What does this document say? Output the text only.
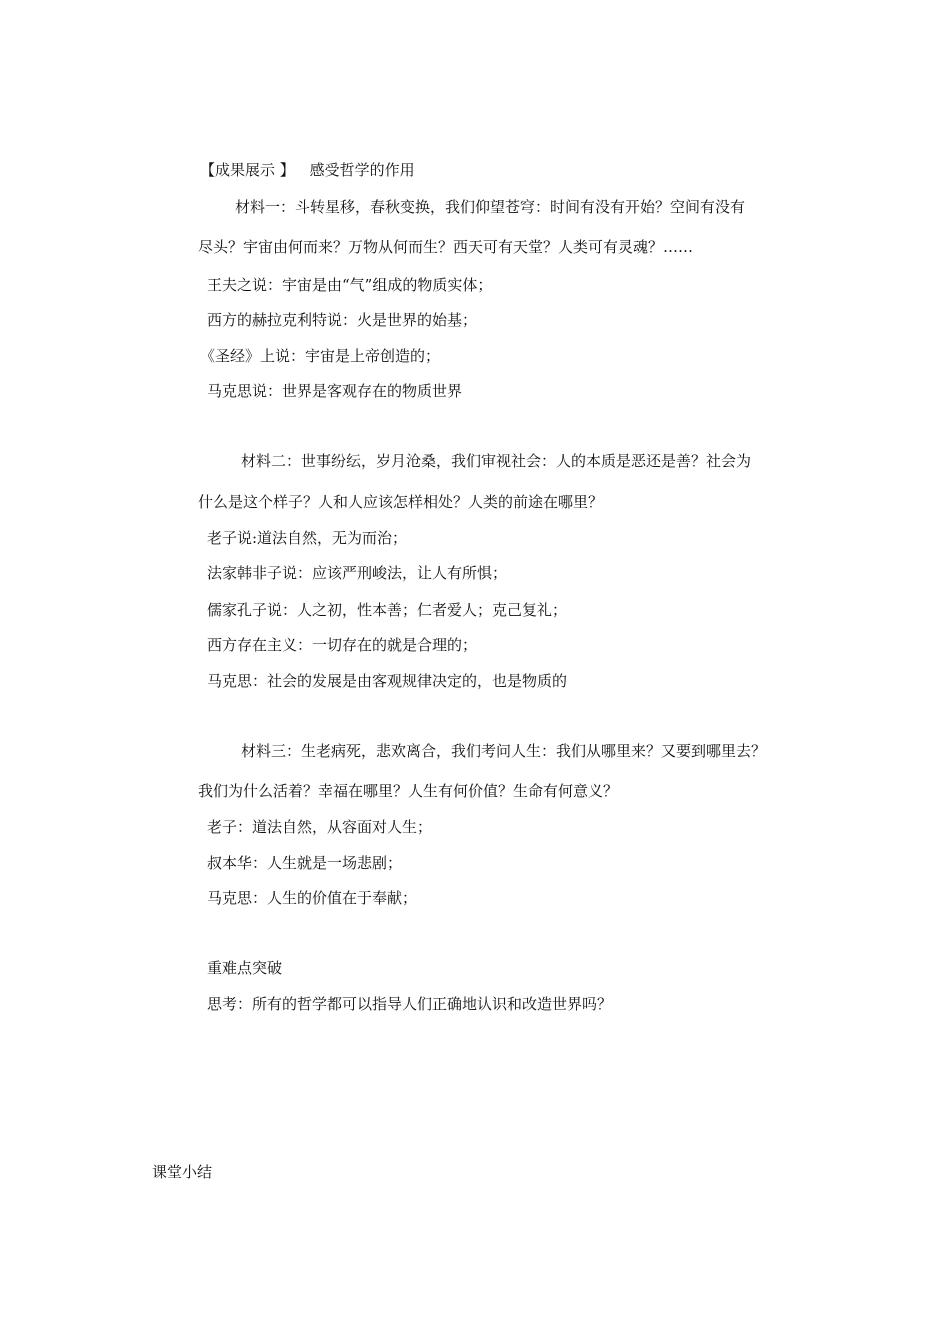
【成果展示 】 感受哲学的作用

材料一：斗转星移，春秋变换，我们仰望苍穹：时间有没有开始？空间有没有

尽头？宇宙由何而来？万物从何而生？西天可有天堂？人类可有灵魂？……

王夫之说：宇宙是由“气”组成的物质实体；

西方的赫拉克利特说：火是世界的始基；

《圣经》上说：宇宙是上帝创造的；

马克思说：世界是客观存在的物质世界

材料二：世事纷纭，岁月沧桑，我们审视社会：人的本质是恶还是善？社会为

什么是这个样子？人和人应该怎样相处？人类的前途在哪里？

老子说:道法自然，无为而治；

法家韩非子说：应该严刑峻法，让人有所惧；

儒家孔子说：人之初，性本善；仁者爱人；克己复礼；

西方存在主义：一切存在的就是合理的；

马克思：社会的发展是由客观规律决定的，也是物质的

材料三：生老病死，悲欢离合，我们考问人生：我们从哪里来？又要到哪里去？

我们为什么活着？幸福在哪里？人生有何价值？生命有何意义？

老子：道法自然，从容面对人生；

叔本华：人生就是一场悲剧；

马克思：人生的价值在于奉献；

重难点突破

思考：所有的哲学都可以指导人们正确地认识和改造世界吗？

课堂小结
